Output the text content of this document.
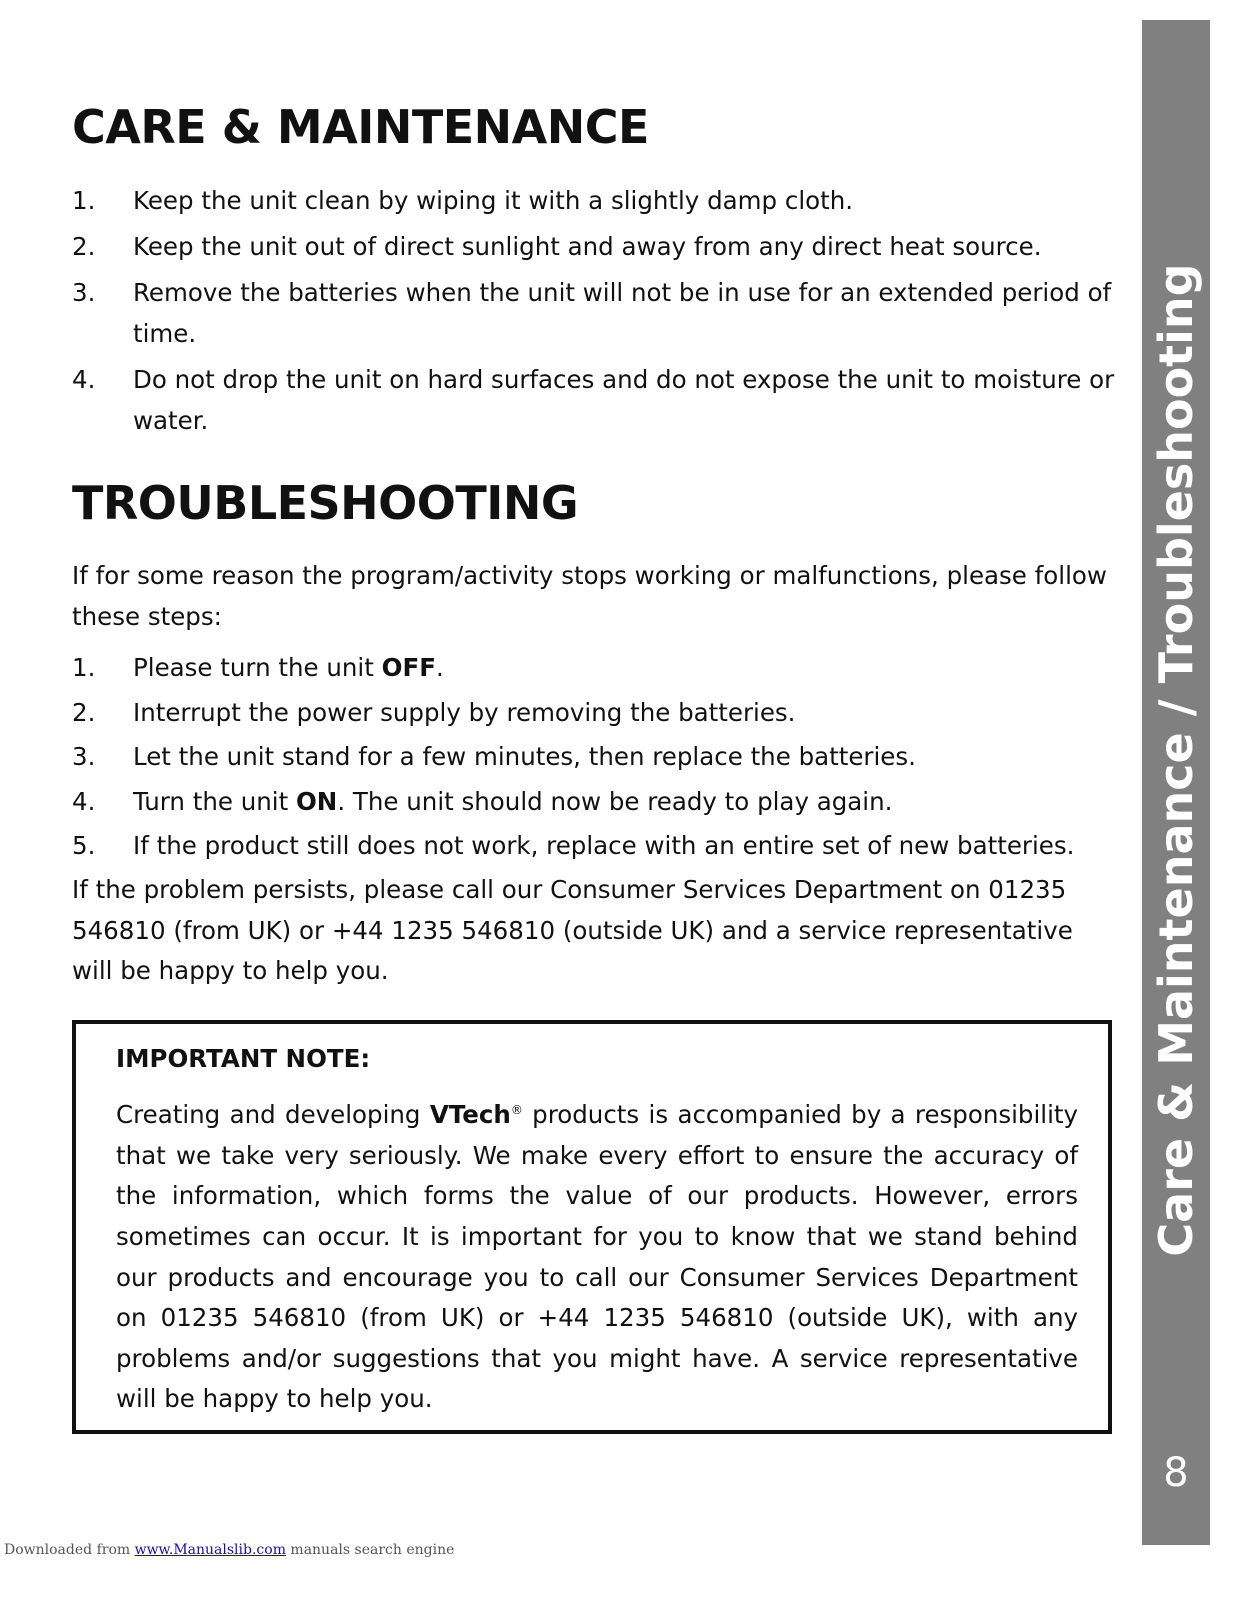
CARE & MAINTENANCE
1. Keep the unit clean by wiping it with a slightly damp cloth.
2. Keep the unit out of direct sunlight and away from any direct heat source.
3. Remove the batteries when the unit will not be in use for an extended period of time.
4. Do not drop the unit on hard surfaces and do not expose the unit to moisture or water.
TROUBLESHOOTING

If for some reason the program/activity stops working or malfunctions, please follow these steps:

1. Please turn the unit OFF.
2. Interrupt the power supply by removing the batteries.
3. Let the unit stand for a few minutes, then replace the batteries.
4. Turn the unit ON. The unit should now be ready to play again.
5. If the product still does not work, replace with an entire set of new batteries.

If the problem persists, please call our Consumer Services Department on 01235 546810 (from UK) or +44 1235 546810 (outside UK) and a service representative will be happy to help you.

IMPORTANT NOTE:

Creating and developing VTech® products is accompanied by a responsibility that we take very seriously. We make every effort to ensure the accuracy of the information, which forms the value of our products. However, errors sometimes can occur. It is important for you to know that we stand behind our products and encourage you to call our Consumer Services Department on 01235 546810 (from UK) or +44 1235 546810 (outside UK), with any problems and/or suggestions that you might have. A service representative will be happy to help you.

Care & Maintenance / Troubleshooting
8
Downloaded from www.Manualslib.com manuals search engine
